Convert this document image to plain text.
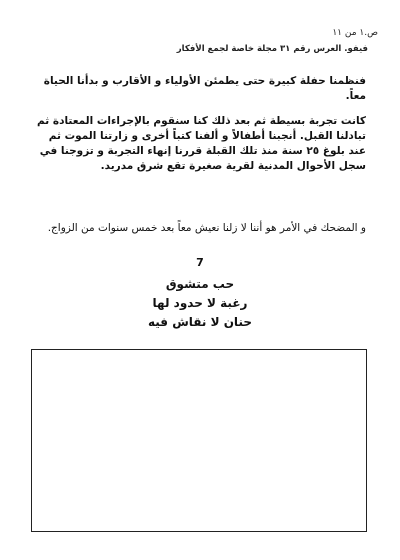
ص.١ من ١١
فيفو. العرس رقم ٣١ مجلة خاصة لجمع الأفكار
فنظمنا حفلة كبيرة حتى يطمئن الأولياء و الأقارب و بدأنا الحياة معاً.
كانت تجربة بسيطة ثم بعد ذلك كنا سنقوم بالإجراءات المعتادة ثم تبادلنا القبل. أنجبنا أطفالاً و ألفنا كتباً أخرى و زارتنا الموت ثم عند بلوغ ٢٥ سنة منذ تلك القبلة قررنا إنهاء التجربة و تزوجنا في سجل الأحوال المدنية لقرية صغيرة تقع شرق مدريد.
و المضحك في الأمر هو أننا لا زلنا نعيش معاً بعد خمس سنوات من الزواج.
7
حب متشوق
رغبة لا حدود لها
حنان لا نقاش فيه
